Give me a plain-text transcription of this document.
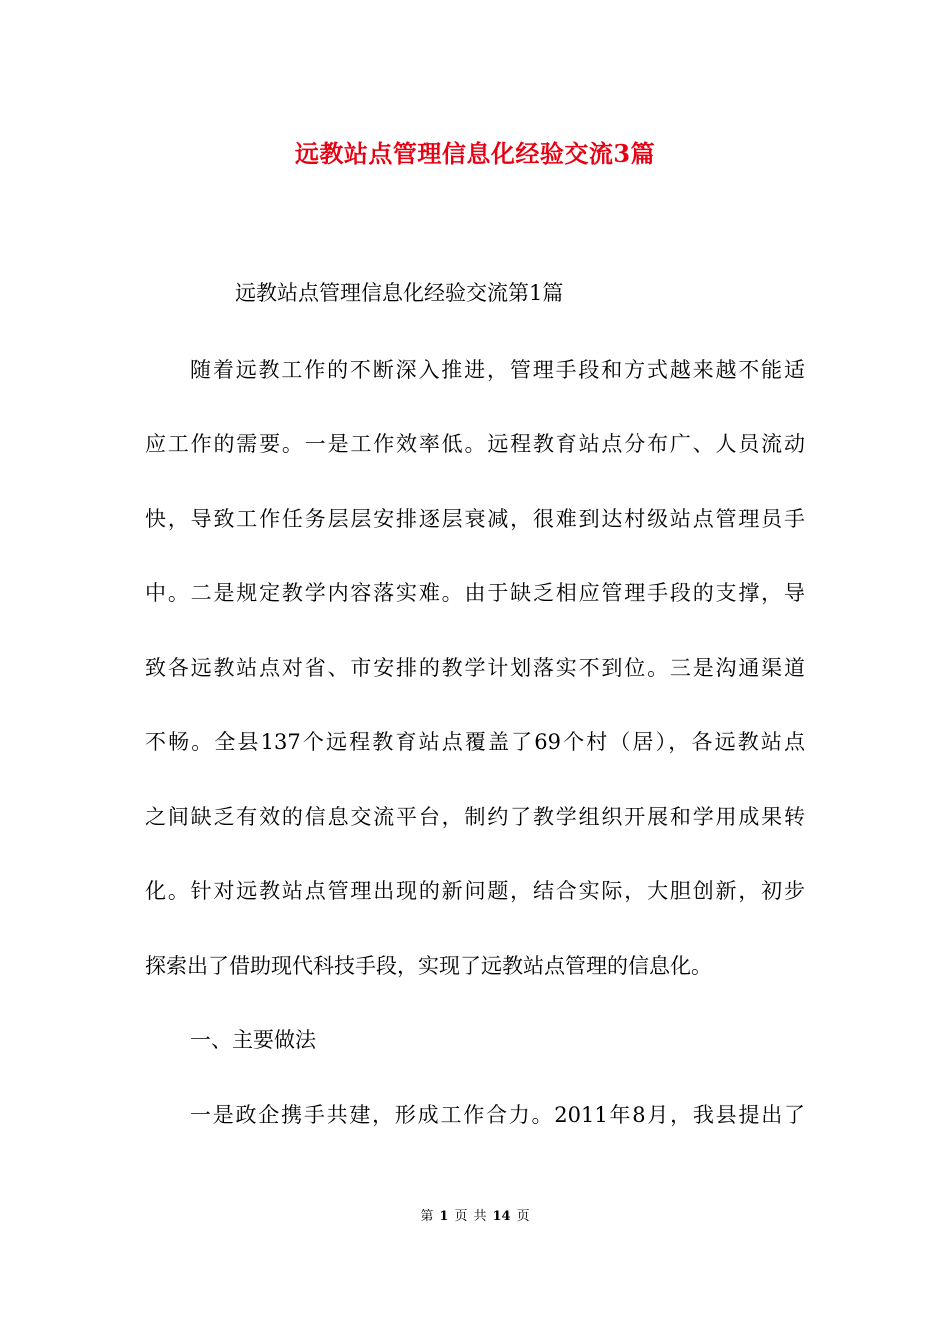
远教站点管理信息化经验交流3篇
远教站点管理信息化经验交流第1篇
随着远教工作的不断深入推进，管理手段和方式越来越不能适
应工作的需要。一是工作效率低。远程教育站点分布广、人员流动
快，导致工作任务层层安排逐层衰减，很难到达村级站点管理员手
中。二是规定教学内容落实难。由于缺乏相应管理手段的支撑，导
致各远教站点对省、市安排的教学计划落实不到位。三是沟通渠道
不畅。全县137个远程教育站点覆盖了69个村（居），各远教站点
之间缺乏有效的信息交流平台，制约了教学组织开展和学用成果转
化。针对远教站点管理出现的新问题，结合实际，大胆创新，初步
探索出了借助现代科技手段，实现了远教站点管理的信息化。
一、主要做法
一是政企携手共建，形成工作合力。2011年8月，我县提出了
第 1 页 共 14 页
